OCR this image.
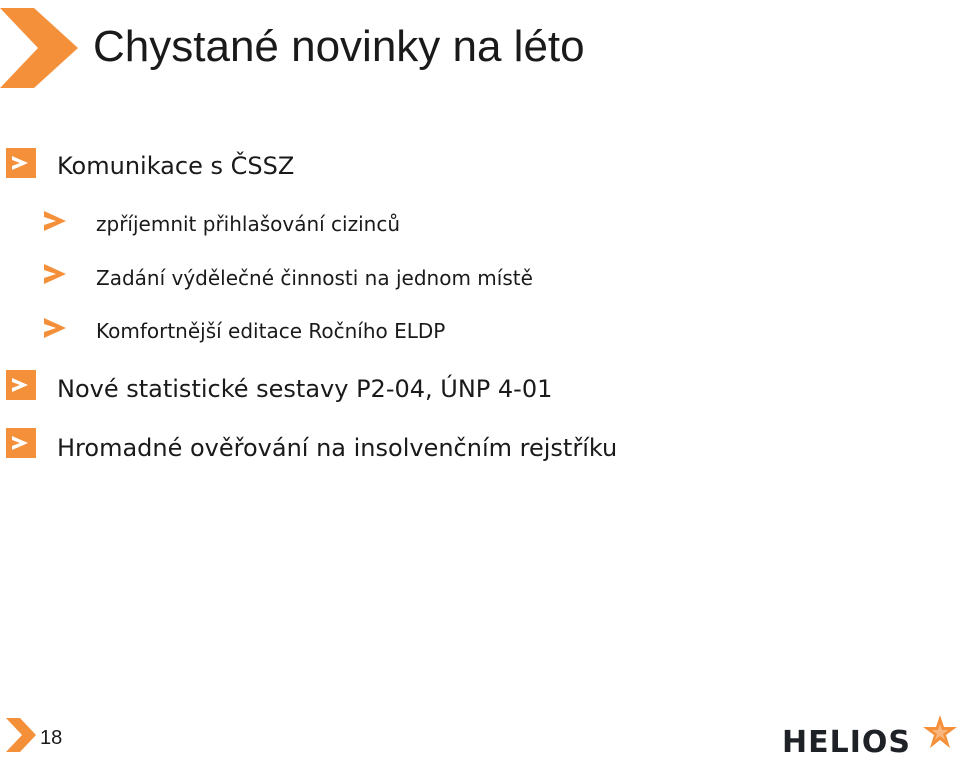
Chystané novinky na léto
Komunikace s ČSSZ
zpříjemnit přihlašování cizinců
Zadání výdělečné činnosti na jednom místě
Komfortnější editace Ročního ELDP
Nové statistické sestavy P2-04, ÚNP 4-01
Hromadné ověřování na insolvenčním rejstříku
18	HELIOS
